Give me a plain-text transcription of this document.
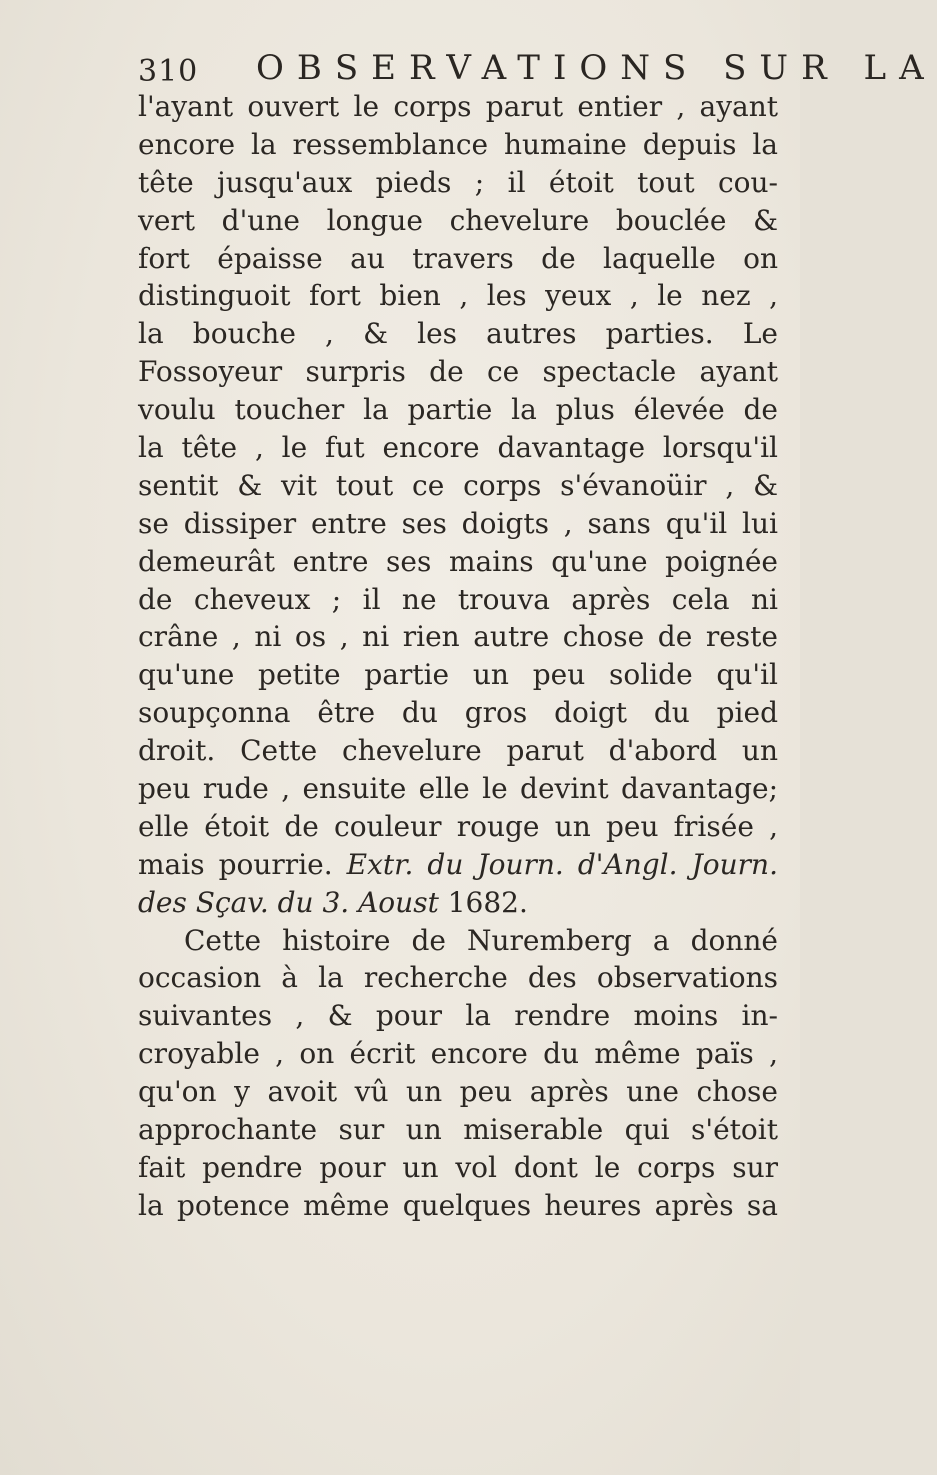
310 OBSERVATIONS SUR LA
l'ayant ouvert le corps parut entier , ayant
encore la ressemblance humaine depuis la
tête jusqu'aux pieds ; il étoit tout cou-
vert d'une longue chevelure bouclée &
fort épaisse au travers de laquelle on
distinguoit fort bien , les yeux , le nez ,
la bouche , & les autres parties. Le
Fossoyeur surpris de ce spectacle ayant
voulu toucher la partie la plus élevée de
la tête , le fut encore davantage lorsqu'il
sentit & vit tout ce corps s'évanoüir , &
se dissiper entre ses doigts , sans qu'il lui
demeurât entre ses mains qu'une poignée
de cheveux ; il ne trouva après cela ni
crâne , ni os , ni rien autre chose de reste
qu'une petite partie un peu solide qu'il
soupçonna être du gros doigt du pied
droit. Cette chevelure parut d'abord un
peu rude , ensuite elle le devint davantage;
elle étoit de couleur rouge un peu frisée ,
mais pourrie. Extr. du Journ. d'Angl. Journ.
des Sçav. du 3. Aoust 1682.
Cette histoire de Nuremberg a donné
occasion à la recherche des observations
suivantes , & pour la rendre moins in-
croyable , on écrit encore du même païs ,
qu'on y avoit vû un peu après une chose
approchante sur un miserable qui s'étoit
fait pendre pour un vol dont le corps sur
la potence même quelques heures après sa
